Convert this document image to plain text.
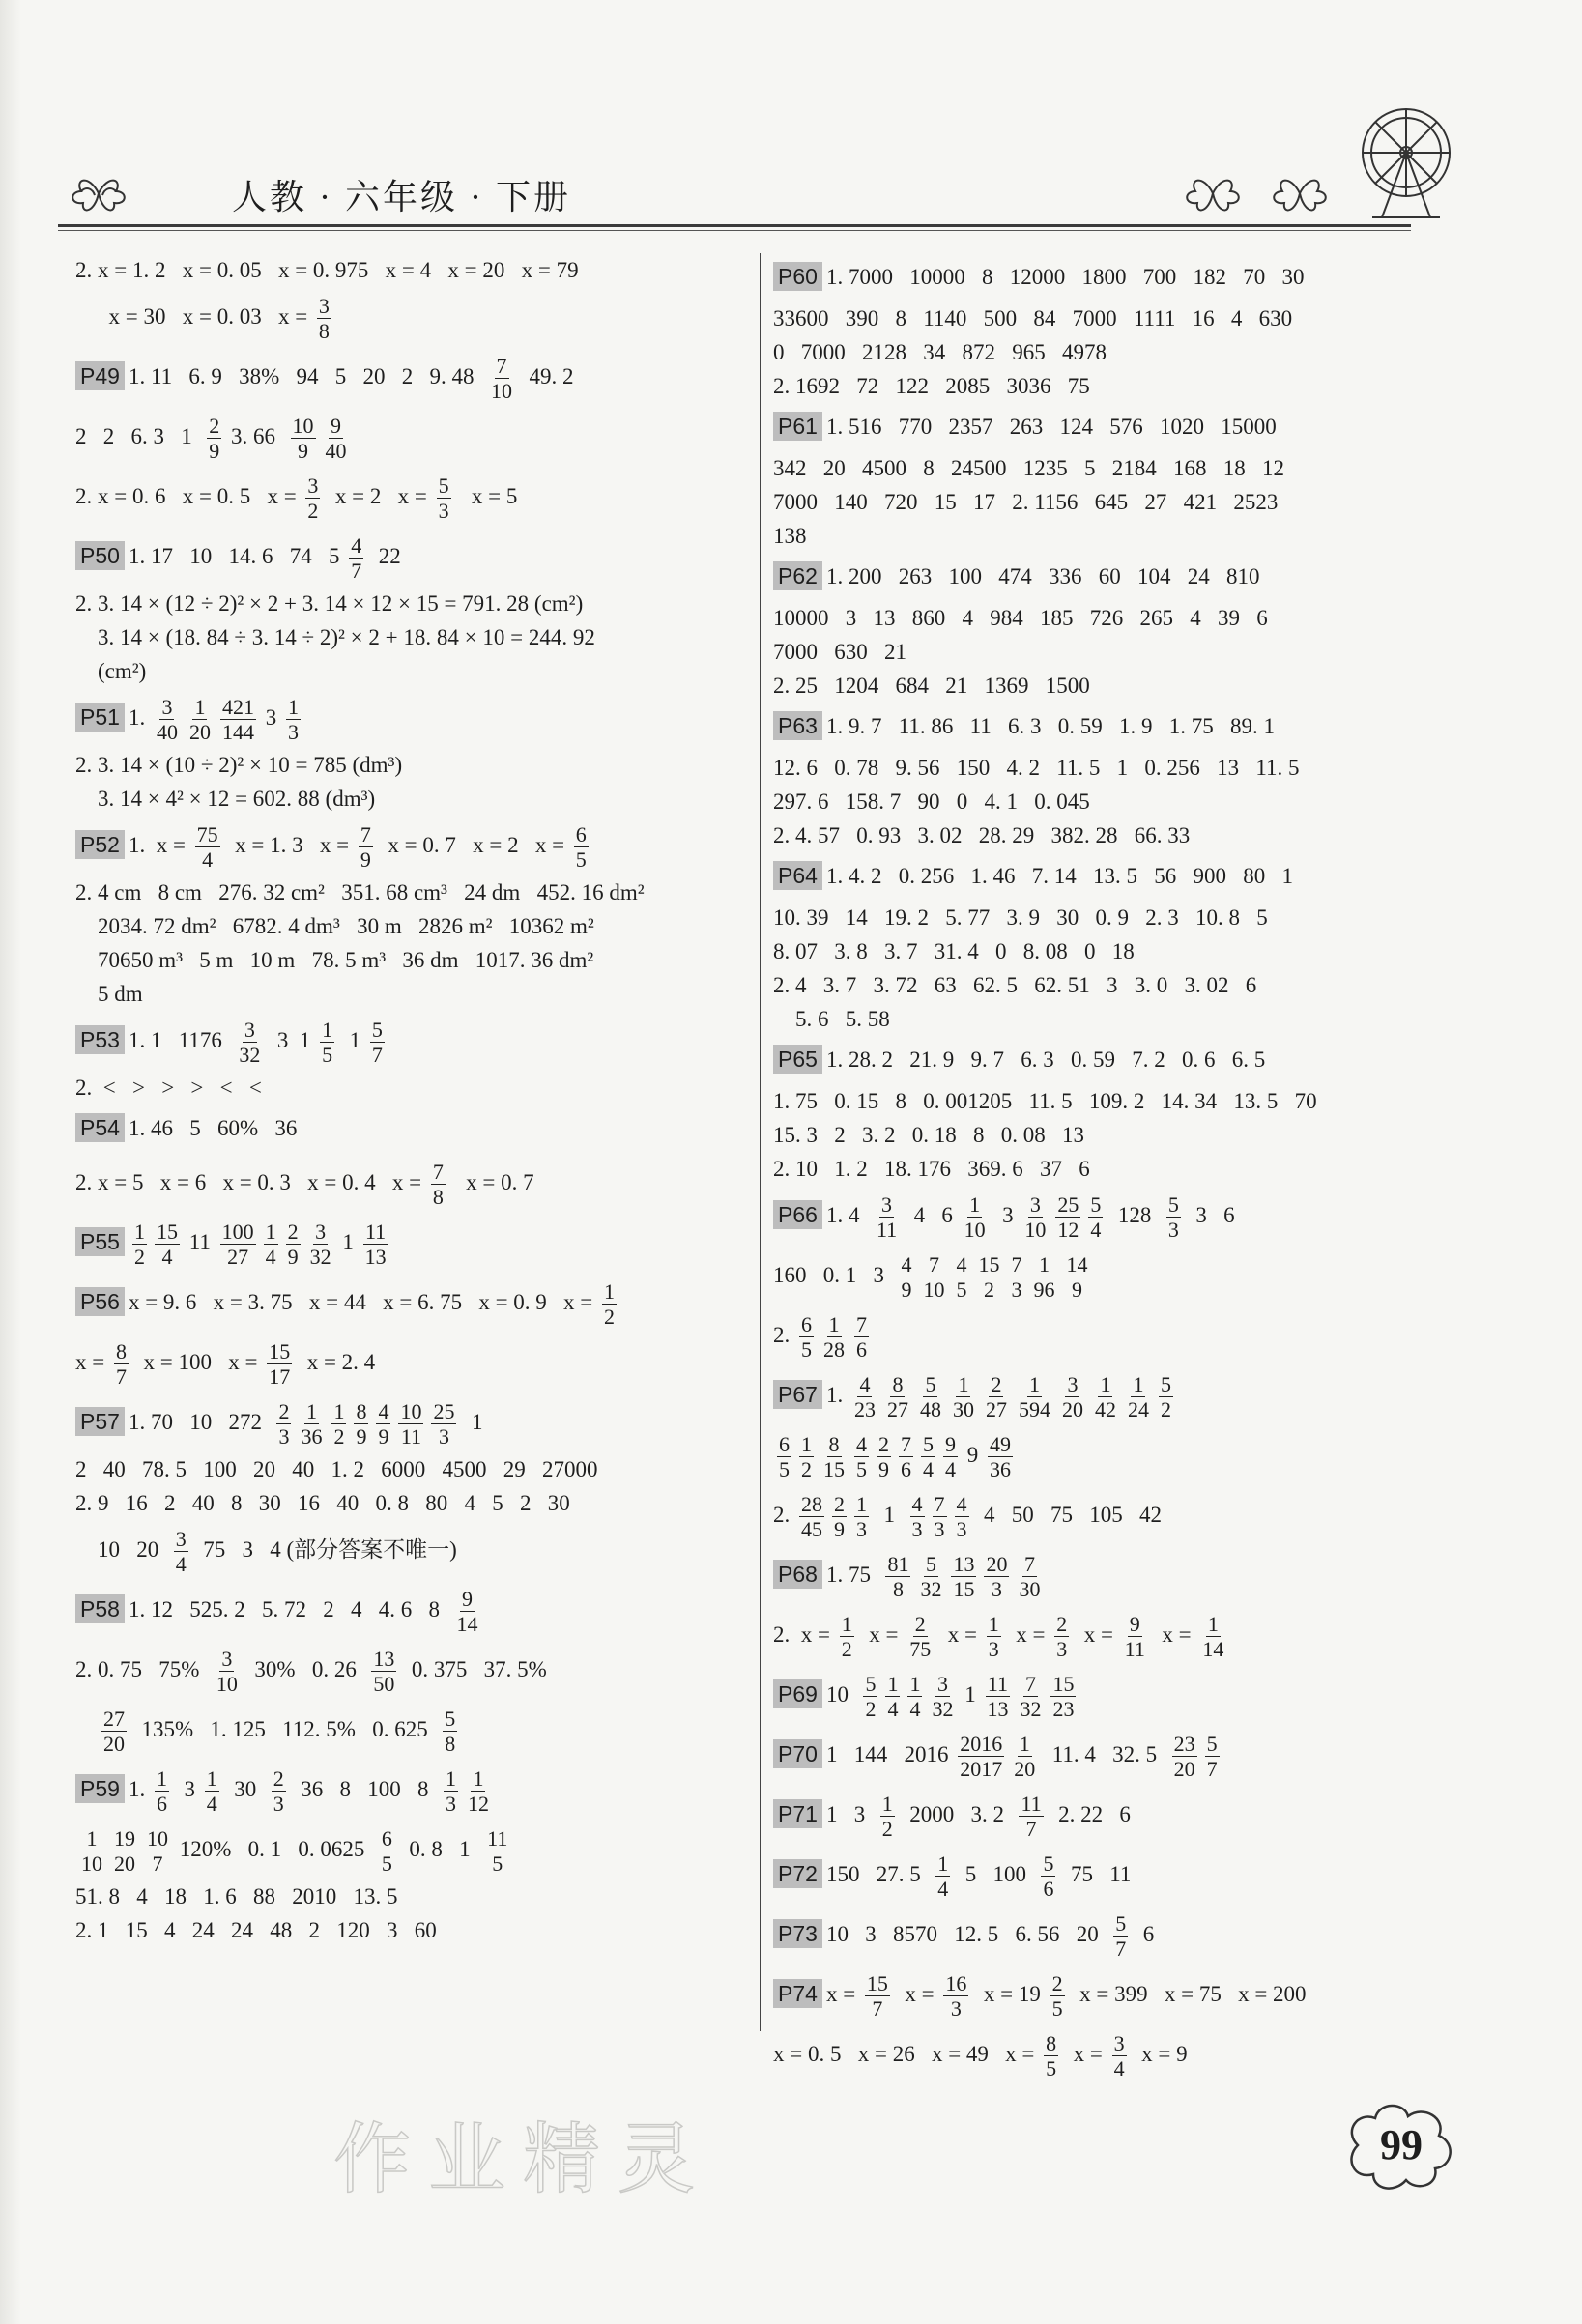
人教 · 六年级 · 下册
2. x = 1. 2   x = 0. 05   x = 0. 975   x = 4   x = 20   x = 79
x = 30   x = 0. 03   $x = \frac{3}{8}$
P49 1. 11   6. 9   38%   94   5   20   2   9. $48 \frac{7}{10} 49$. 2
2   2   6. 3   $1 \frac{2}{9} 3$. $66 \frac{10}{9} \frac{9}{40}$
2. x = 0. 6   x = 0. 5   $x = \frac{3}{2}$ x = 2   $x = \frac{5}{3}$ x = 5
P50 1. 17   10   14. 6   74   $5 \frac{4}{7} 22$
2. 3. 14 × (12 ÷ 2)² × 2 + 3. 14 × 12 × 15 = 791. 28 (cm²)
3. 14 × (18. 84 ÷ 3. 14 ÷ 2)² × 2 + 18. 84 × 10 = 244. 92
(cm²)
P51 1. $\frac{3}{40} \frac{1}{20} \frac{421}{144} 3 \frac{1}{3}$
2. 3. 14 × (10 ÷ 2)² × 10 = 785 (dm³)
3. 14 × 4² × 12 = 602. 88 (dm³)
P52 1.  $x = \frac{75}{4}$ x = 1. 3   $x = \frac{7}{9}$ x = 0. 7   x = 2   $x = \frac{6}{5}$
2. 4 cm   8 cm   276. 32 cm²   351. 68 cm³   24 dm   452. 16 dm²
2034. 72 dm²   6782. 4 dm³   30 m   2826 m²   10362 m²
70650 m³   5 m   10 m   78. 5 m³   36 dm   1017. 36 dm²
5 dm
P53 1. 1   $1176 \frac{3}{32} 3$  $1 \frac{1}{5} 1 \frac{5}{7}$
2.  <   >   >   >   <   <
P54 1. 46   5   60%   36
2. x = 5   x = 6   x = 0. 3   x = 0. 4   $x = \frac{7}{8}$ x = 0. 7
$P55 \frac{1}{2} \frac{15}{4} 11 \frac{100}{27} \frac{1}{4} \frac{2}{9} \frac{3}{32} 1 \frac{11}{13}$
P56 x = 9. 6   x = 3. 75   x = 44   x = 6. 75   x = 0. 9   $x = \frac{1}{2}$
$x = \frac{8}{7}$ x = 100   $x = \frac{15}{17}$ x = 2. 4
P57 1. 70   10   $272 \frac{2}{3} \frac{1}{36} \frac{1}{2} \frac{8}{9} \frac{4}{9} \frac{10}{11} \frac{25}{3} 1$
2   40   78. 5   100   20   40   1. 2   6000   4500   29   27000
2. 9   16   2   40   8   30   16   40   0. 8   80   4   5   2   30
10   $20 \frac{3}{4} 75$   3   4 (部分答案不唯一)
P58 1. 12   525. 2   5. 72   2   4   4. 6   $8 \frac{9}{14}$
2. 0. 75   $75\% \frac{3}{10} 30\%$   0. $26 \frac{13}{50} 0$. 375   37. 5%

$\frac{27}{20} 135\%$   1. 125   112. 5%   0. $625 \frac{5}{8}$
P59 1. $\frac{1}{6} 3 \frac{1}{4} 30 \frac{2}{3} 36$   8   100   $8 \frac{1}{3} \frac{1}{12}$
$\frac{1}{10} \frac{19}{20} \frac{10}{7} 120\%$   0. 1   0. $0625 \frac{6}{5} 0$. 8   $1 \frac{11}{5}$
51. 8   4   18   1. 6   88   2010   13. 5
2. 1   15   4   24   24   48   2   120   3   60
P60 1. 7000   10000   8   12000   1800   700   182   70   30
33600   390   8   1140   500   84   7000   1111   16   4   630
0   7000   2128   34   872   965   4978
2. 1692   72   122   2085   3036   75
P61 1. 516   770   2357   263   124   576   1020   15000
342   20   4500   8   24500   1235   5   2184   168   18   12
7000   140   720   15   17   2. 1156   645   27   421   2523
138
P62 1. 200   263   100   474   336   60   104   24   810
10000   3   13   860   4   984   185   726   265   4   39   6
7000   630   21
2. 25   1204   684   21   1369   1500
P63 1. 9. 7   11. 86   11   6. 3   0. 59   1. 9   1. 75   89. 1
12. 6   0. 78   9. 56   150   4. 2   11. 5   1   0. 256   13   11. 5
297. 6   158. 7   90   0   4. 1   0. 045
2. 4. 57   0. 93   3. 02   28. 29   382. 28   66. 33
P64 1. 4. 2   0. 256   1. 46   7. 14   13. 5   56   900   80   1
10. 39   14   19. 2   5. 77   3. 9   30   0. 9   2. 3   10. 8   5
8. 07   3. 8   3. 7   31. 4   0   8. 08   0   18
2. 4   3. 7   3. 72   63   62. 5   62. 51   3   3. 0   3. 02   6
5. 6   5. 58
P65 1. 28. 2   21. 9   9. 7   6. 3   0. 59   7. 2   0. 6   6. 5
1. 75   0. 15   8   0. 001205   11. 5   109. 2   14. 34   13. 5   70
15. 3   2   3. 2   0. 18   8   0. 08   13
2. 10   1. 2   18. 176   369. 6   37   6
P66 1. $4 \frac{3}{11} 4$   $6 \frac{1}{10} 3 \frac{3}{10} \frac{25}{12} \frac{5}{4} 128 \frac{5}{3} 3$   6
160   0. 1   $3 \frac{4}{9} \frac{7}{10} \frac{4}{5} \frac{15}{2} \frac{7}{3} \frac{1}{96} \frac{14}{9}$
2. $\frac{6}{5} \frac{1}{28} \frac{7}{6}$
P67 1. $\frac{4}{23} \frac{8}{27} \frac{5}{48} \frac{1}{30} \frac{2}{27} \frac{1}{594} \frac{3}{20} \frac{1}{42} \frac{1}{24} \frac{5}{2}$
$\frac{6}{5} \frac{1}{2} \frac{8}{15} \frac{4}{5} \frac{2}{9} \frac{7}{6} \frac{5}{4} \frac{9}{4} 9 \frac{49}{36}$
2. $\frac{28}{45} \frac{2}{9} \frac{1}{3} 1 \frac{4}{3} \frac{7}{3} \frac{4}{3} 4$   50   75   105   42
P68 1. $75 \frac{81}{8} \frac{5}{32} \frac{13}{15} \frac{20}{3} \frac{7}{30}$
2.  $x = \frac{1}{2}$ $x = \frac{2}{75}$ $x = \frac{1}{3}$ $x = \frac{2}{3}$ $x = \frac{9}{11}$ $x = \frac{1}{14}$
P69 $10 \frac{5}{2} \frac{1}{4} \frac{1}{4} \frac{3}{32} 1 \frac{11}{13} \frac{7}{32} \frac{15}{23}$
P70 1   144   $2016 \frac{2016}{2017} \frac{1}{20} 11$. 4   32. $5 \frac{23}{20} \frac{5}{7}$
P71 1   $3 \frac{1}{2} 2000$   3. $2 \frac{11}{7} 2$. 22   6
P72 150   27. $5 \frac{1}{4} 5$   $100 \frac{5}{6} 75$   11
P73 10   3   8570   12. 5   6. 56   $20 \frac{5}{7} 6$
P74 $x = \frac{15}{7}$ $x = \frac{16}{3}$ $x = 19 \frac{2}{5}$ x = 399   x = 75   x = 200
x = 0. 5   x = 26   x = 49   $x = \frac{8}{5}$ $x = \frac{3}{4}$ x = 9
作业精灵	99
